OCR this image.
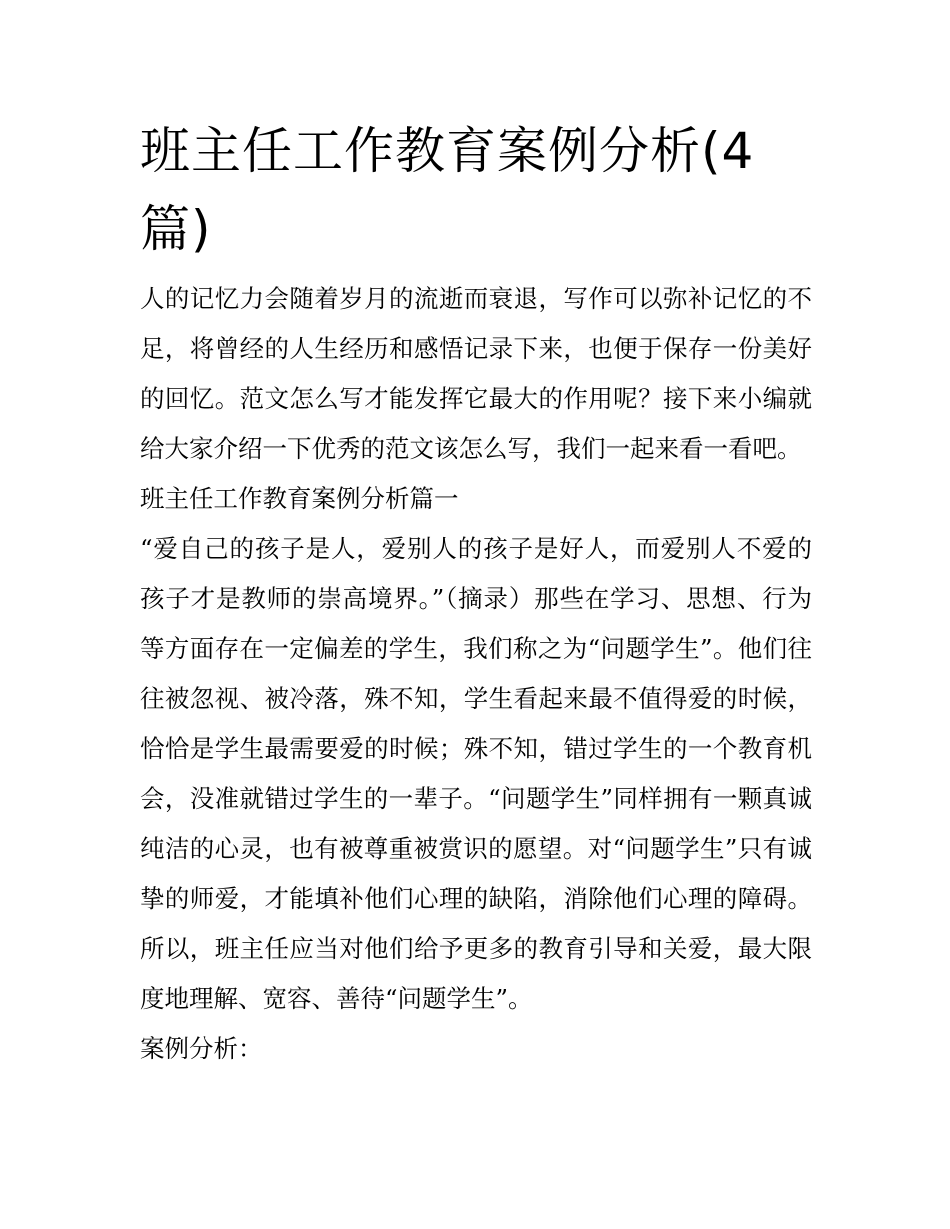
班主任工作教育案例分析(4篇)

人的记忆力会随着岁月的流逝而衰退，写作可以弥补记忆的不足，将曾经的人生经历和感悟记录下来，也便于保存一份美好的回忆。范文怎么写才能发挥它最大的作用呢？接下来小编就给大家介绍一下优秀的范文该怎么写，我们一起来看一看吧。

班主任工作教育案例分析篇一

“爱自己的孩子是人，爱别人的孩子是好人，而爱别人不爱的孩子才是教师的崇高境界。”（摘录）那些在学习、思想、行为等方面存在一定偏差的学生，我们称之为“问题学生”。他们往往被忽视、被冷落，殊不知，学生看起来最不值得爱的时候，恰恰是学生最需要爱的时候；殊不知，错过学生的一个教育机会，没准就错过学生的一辈子。“问题学生”同样拥有一颗真诚纯洁的心灵，也有被尊重被赏识的愿望。对“问题学生”只有诚挚的师爱，才能填补他们心理的缺陷，消除他们心理的障碍。所以，班主任应当对他们给予更多的教育引导和关爱，最大限度地理解、宽容、善待“问题学生”。

案例分析：
